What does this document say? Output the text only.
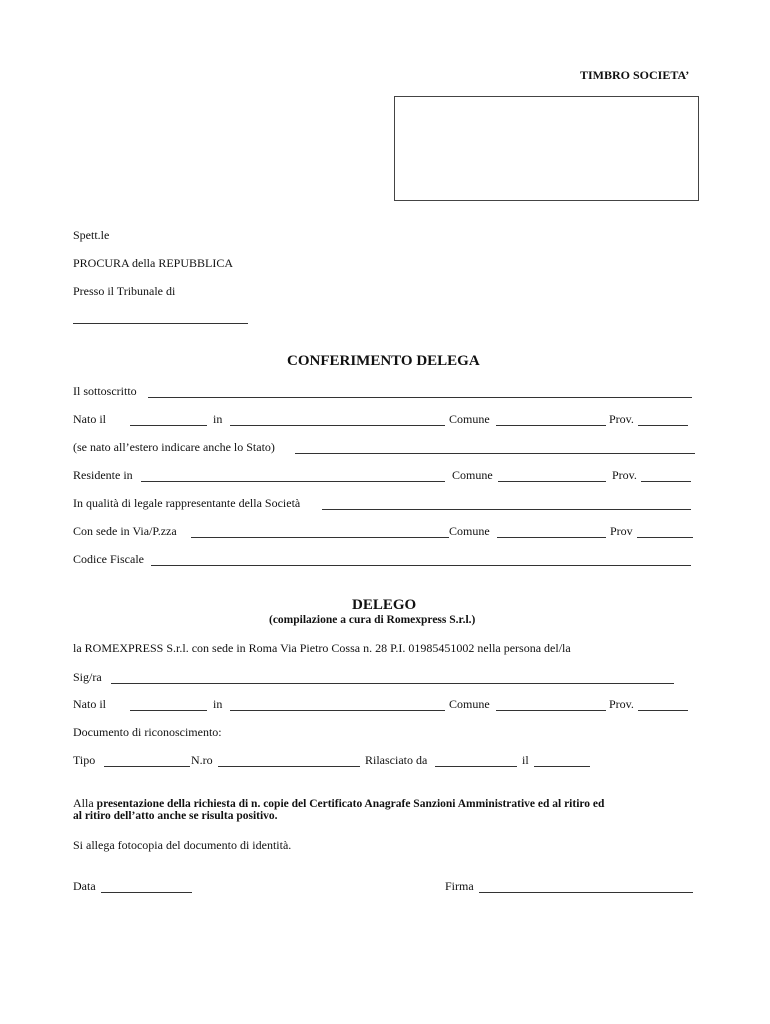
TIMBRO SOCIETA’
Spett.le
PROCURA della REPUBBLICA
Presso il Tribunale di
CONFERIMENTO DELEGA
Il sottoscritto
Nato il	in	Comune	Prov.
(se nato all’estero indicare anche lo Stato)
Residente in	Comune	Prov.
In qualità di legale rappresentante della Società
Con sede in Via/P.zza	Comune	Prov
Codice Fiscale
DELEGO
(compilazione a cura di Romexpress S.r.l.)
la ROMEXPRESS S.r.l. con sede in Roma Via Pietro Cossa n. 28 P.I. 01985451002 nella persona del/la
Sig/ra
Nato il	in	Comune	Prov.
Documento di riconoscimento:
Tipo	N.ro	Rilasciato da	il
Alla presentazione della richiesta di n. copie del Certificato Anagrafe Sanzioni Amministrative ed al ritiro ed
al ritiro dell’atto anche se risulta positivo.
Si allega fotocopia del documento di identità.
Data	Firma
